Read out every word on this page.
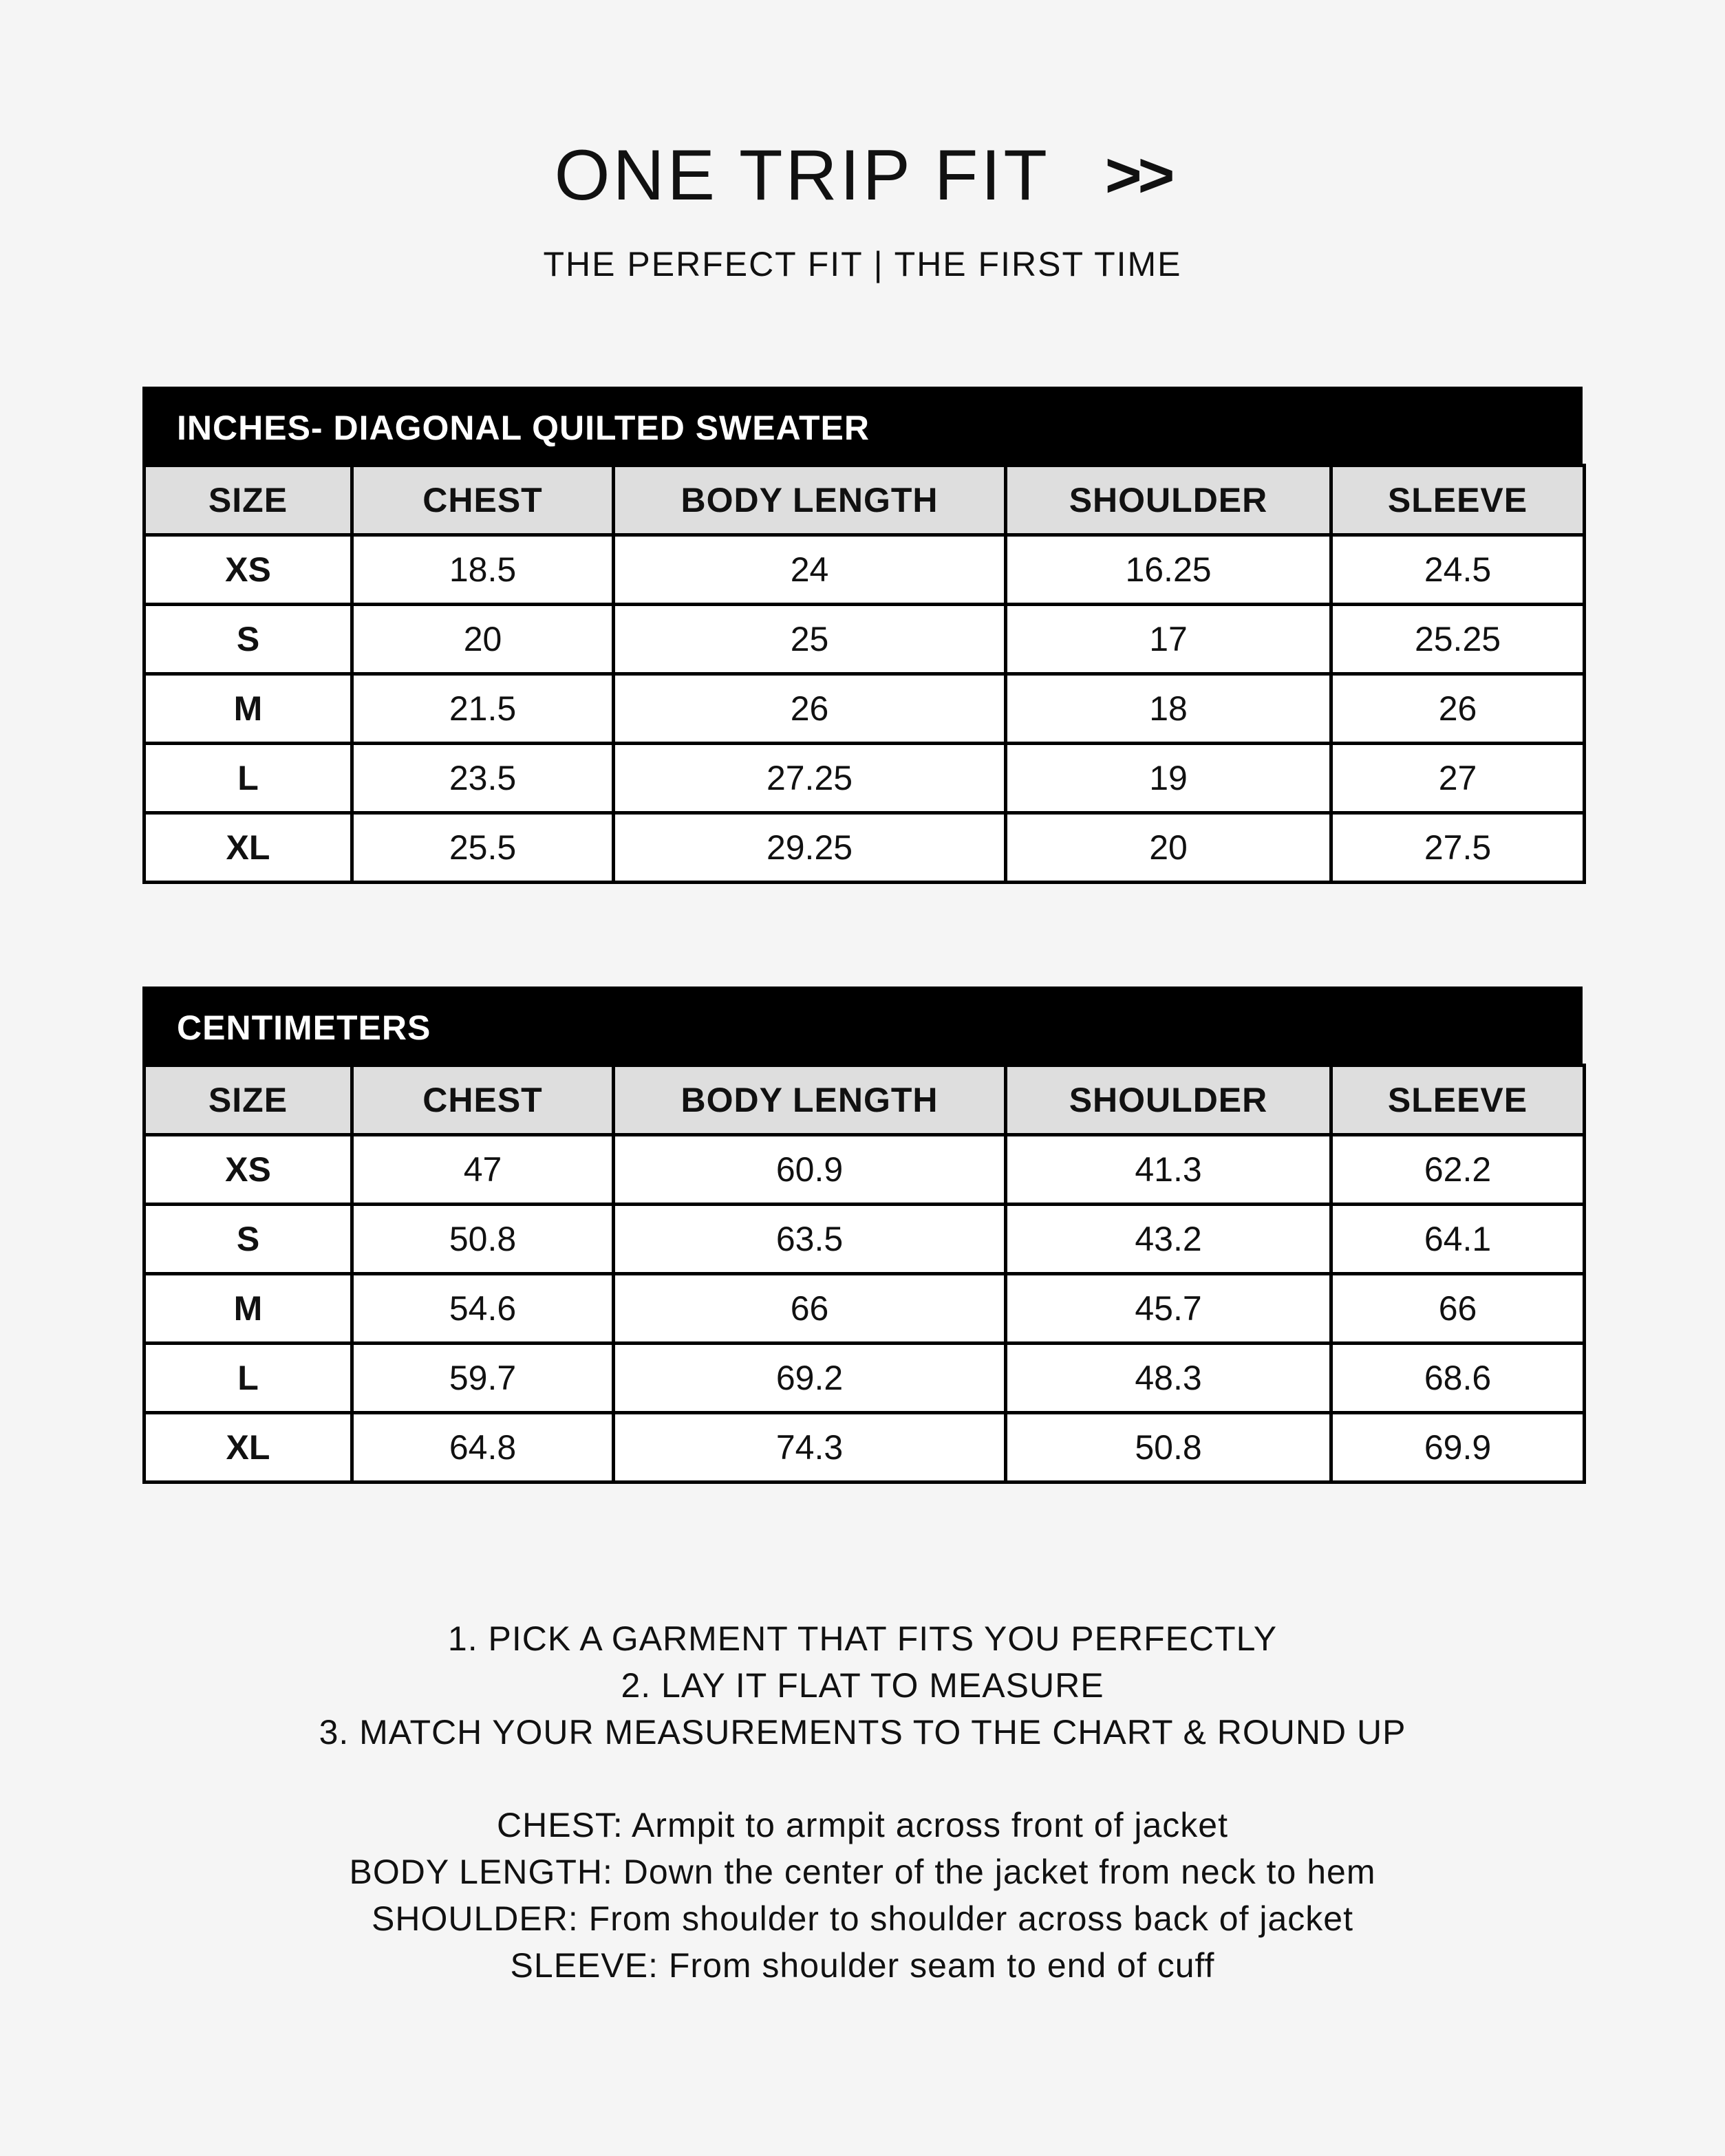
ONE TRIP FIT >>
THE PERFECT FIT | THE FIRST TIME
INCHES- DIAGONAL QUILTED SWEATER
SIZE	CHEST	BODY LENGTH	SHOULDER	SLEEVE
XS	18.5	24	16.25	24.5
S	20	25	17	25.25
M	21.5	26	18	26
L	23.5	27.25	19	27
XL	25.5	29.25	20	27.5
CENTIMETERS
SIZE	CHEST	BODY LENGTH	SHOULDER	SLEEVE
XS	47	60.9	41.3	62.2
S	50.8	63.5	43.2	64.1
M	54.6	66	45.7	66
L	59.7	69.2	48.3	68.6
XL	64.8	74.3	50.8	69.9
1. PICK A GARMENT THAT FITS YOU PERFECTLY
2. LAY IT FLAT TO MEASURE
3. MATCH YOUR MEASUREMENTS TO THE CHART & ROUND UP
CHEST: Armpit to armpit across front of jacket
BODY LENGTH: Down the center of the jacket from neck to hem
SHOULDER: From shoulder to shoulder across back of jacket
SLEEVE: From shoulder seam to end of cuff
